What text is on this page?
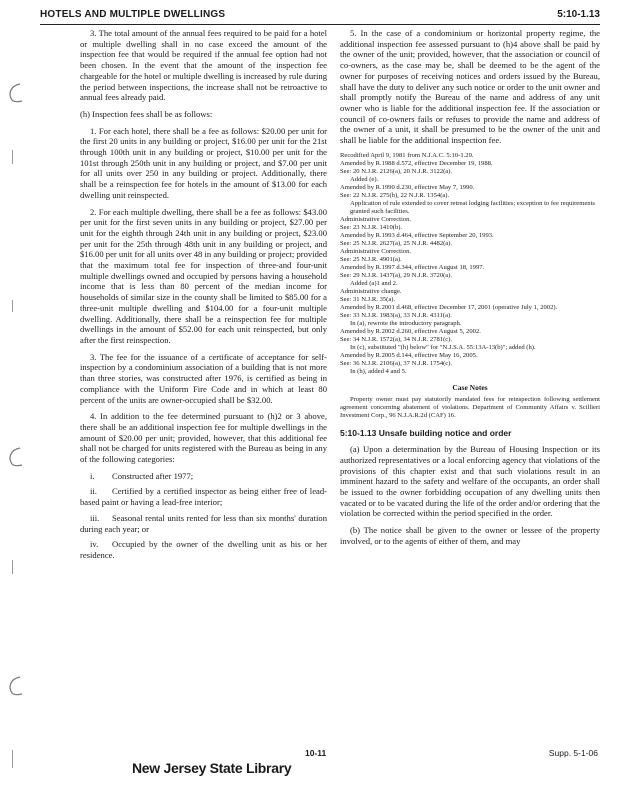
HOTELS AND MULTIPLE DWELLINGS	5:10-1.13

3. The total amount of the annual fees required to be paid for a hotel or multiple dwelling shall in no case exceed the amount of the inspection fee that would be required if the annual fee option had not been chosen. In the event that the amount of the inspection fee chargeable for the hotel or multiple dwelling is increased by rule during the period between inspections, the increase shall not be retroactive to annual fees already paid.

(h) Inspection fees shall be as follows:

1. For each hotel, there shall be a fee as follows: $20.00 per unit for the first 20 units in any building or project, $16.00 per unit for the 21st through 100th unit in any building or project, $10.00 per unit for the 101st through 250th unit in any building or project, and $7.00 per unit for all units over 250 in any building or project. Additionally, there shall be a reinspection fee for hotels in the amount of $13.00 for each dwelling unit reinspected.

2. For each multiple dwelling, there shall be a fee as follows: $43.00 per unit for the first seven units in any building or project, $27.00 per unit for the eighth through 24th unit in any building or project, $23.00 per unit for the 25th through 48th unit in any building or project, and $16.00 per unit for all units over 48 in any building or project; provided that the maximum total fee for inspection of three-and four-unit multiple dwellings owned and occupied by persons having a household income that is less than 80 percent of the median income for households of similar size in the county shall be limited to $85.00 for a three-unit multiple dwelling and $104.00 for a four-unit multiple dwelling. Additionally, there shall be a reinspection fee for multiple dwellings in the amount of $52.00 for each unit reinspected, but only after the first reinspection.

3. The fee for the issuance of a certificate of acceptance for self-inspection by a condominium association of a building that is not more than three stories, was constructed after 1976, is certified as being in compliance with the Uniform Fire Code and in which at least 80 percent of the units are owner-occupied shall be $32.00.

4. In addition to the fee determined pursuant to (h)2 or 3 above, there shall be an additional inspection fee for multiple dwellings in the amount of $20.00 per unit; provided, however, that this additional fee shall not be charged for units registered with the Bureau as being in any of the following categories:

i. Constructed after 1977;
ii. Certified by a certified inspector as being either free of lead-based paint or having a lead-free interior;
iii. Seasonal rental units rented for less than six months' duration during each year; or
iv. Occupied by the owner of the dwelling unit as his or her residence.

5. In the case of a condominium or horizontal property regime, the additional inspection fee assessed pursuant to (h)4 above shall be paid by the owner of the unit; provided, however, that the association or council of co-owners, as the case may be, shall be deemed to be the agent of the owner for purposes of receiving notices and orders issued by the Bureau, shall have the duty to deliver any such notice or order to the unit owner and shall promptly notify the Bureau of the name and address of any unit owner who is liable for the additional inspection fee. If the association or council of co-owners fails or refuses to provide the name and address of the owner of a unit, it shall be presumed to be the owner of the unit and shall be liable for the additional inspection fee.

Recodified April 9, 1981 from N.J.A.C. 5:10-1.29.
Amended by R.1988 d.572, effective December 19, 1988.
See: 20 N.J.R. 2126(a), 20 N.J.R. 3122(a).
Added (e).
Amended by R.1990 d.230, effective May 7, 1990.
See: 22 N.J.R. 275(b), 22 N.J.R. 1354(a).
Application of rule extended to cover retreat lodging facilities; exception to fee requirements granted such facilities.
Administrative Correction.
See: 23 N.J.R. 1410(b).
Amended by R.1993 d.464, effective September 20, 1993.
See: 25 N.J.R. 2627(a), 25 N.J.R. 4482(a).
Administrative Correction.
See: 25 N.J.R. 4901(a).
Amended by R.1997 d.344, effective August 18, 1997.
See: 29 N.J.R. 1437(a), 29 N.J.R. 3720(a).
Added (a)1 and 2.
Administrative change.
See: 31 N.J.R. 35(a).
Amended by R.2001 d.468, effective December 17, 2001 (operative July 1, 2002).
See: 33 N.J.R. 1983(a), 33 N.J.R. 4311(a).
In (a), rewrote the introductory paragraph.
Amended by R.2002 d.260, effective August 5, 2002.
See: 34 N.J.R. 1572(a), 34 N.J.R. 2781(c).
In (c), substituted "(h) below" for "N.J.S.A. 55:13A-13(b)"; added (h).
Amended by R.2005 d.144, effective May 16, 2005.
See: 36 N.J.R. 2106(a), 37 N.J.R. 1754(c).
In (h), added 4 and 5.
Case Notes
Property owner must pay statutorily mandated fees for reinspection following settlement agreement concerning abatement of violations. Department of Community Affairs v. Scillieri Investment Corp., 96 N.J.A.R.2d (CAF) 16.
5:10-1.13 Unsafe building notice and order

(a) Upon a determination by the Bureau of Housing Inspection or its authorized representatives or a local enforcing agency that violations of the provisions of this chapter exist and that such violations result in an imminent hazard to the safety and welfare of the occupants, an order shall be issued to the owner forbidding occupation of any dwelling units then vacated or to be vacated during the life of the order and/or ordering that the violation be corrected within the period specified in the order.

(b) The notice shall be given to the owner or lessee of the property involved, or to the agents of either of them, and may

10-11	Supp. 5-1-06
New Jersey State Library
